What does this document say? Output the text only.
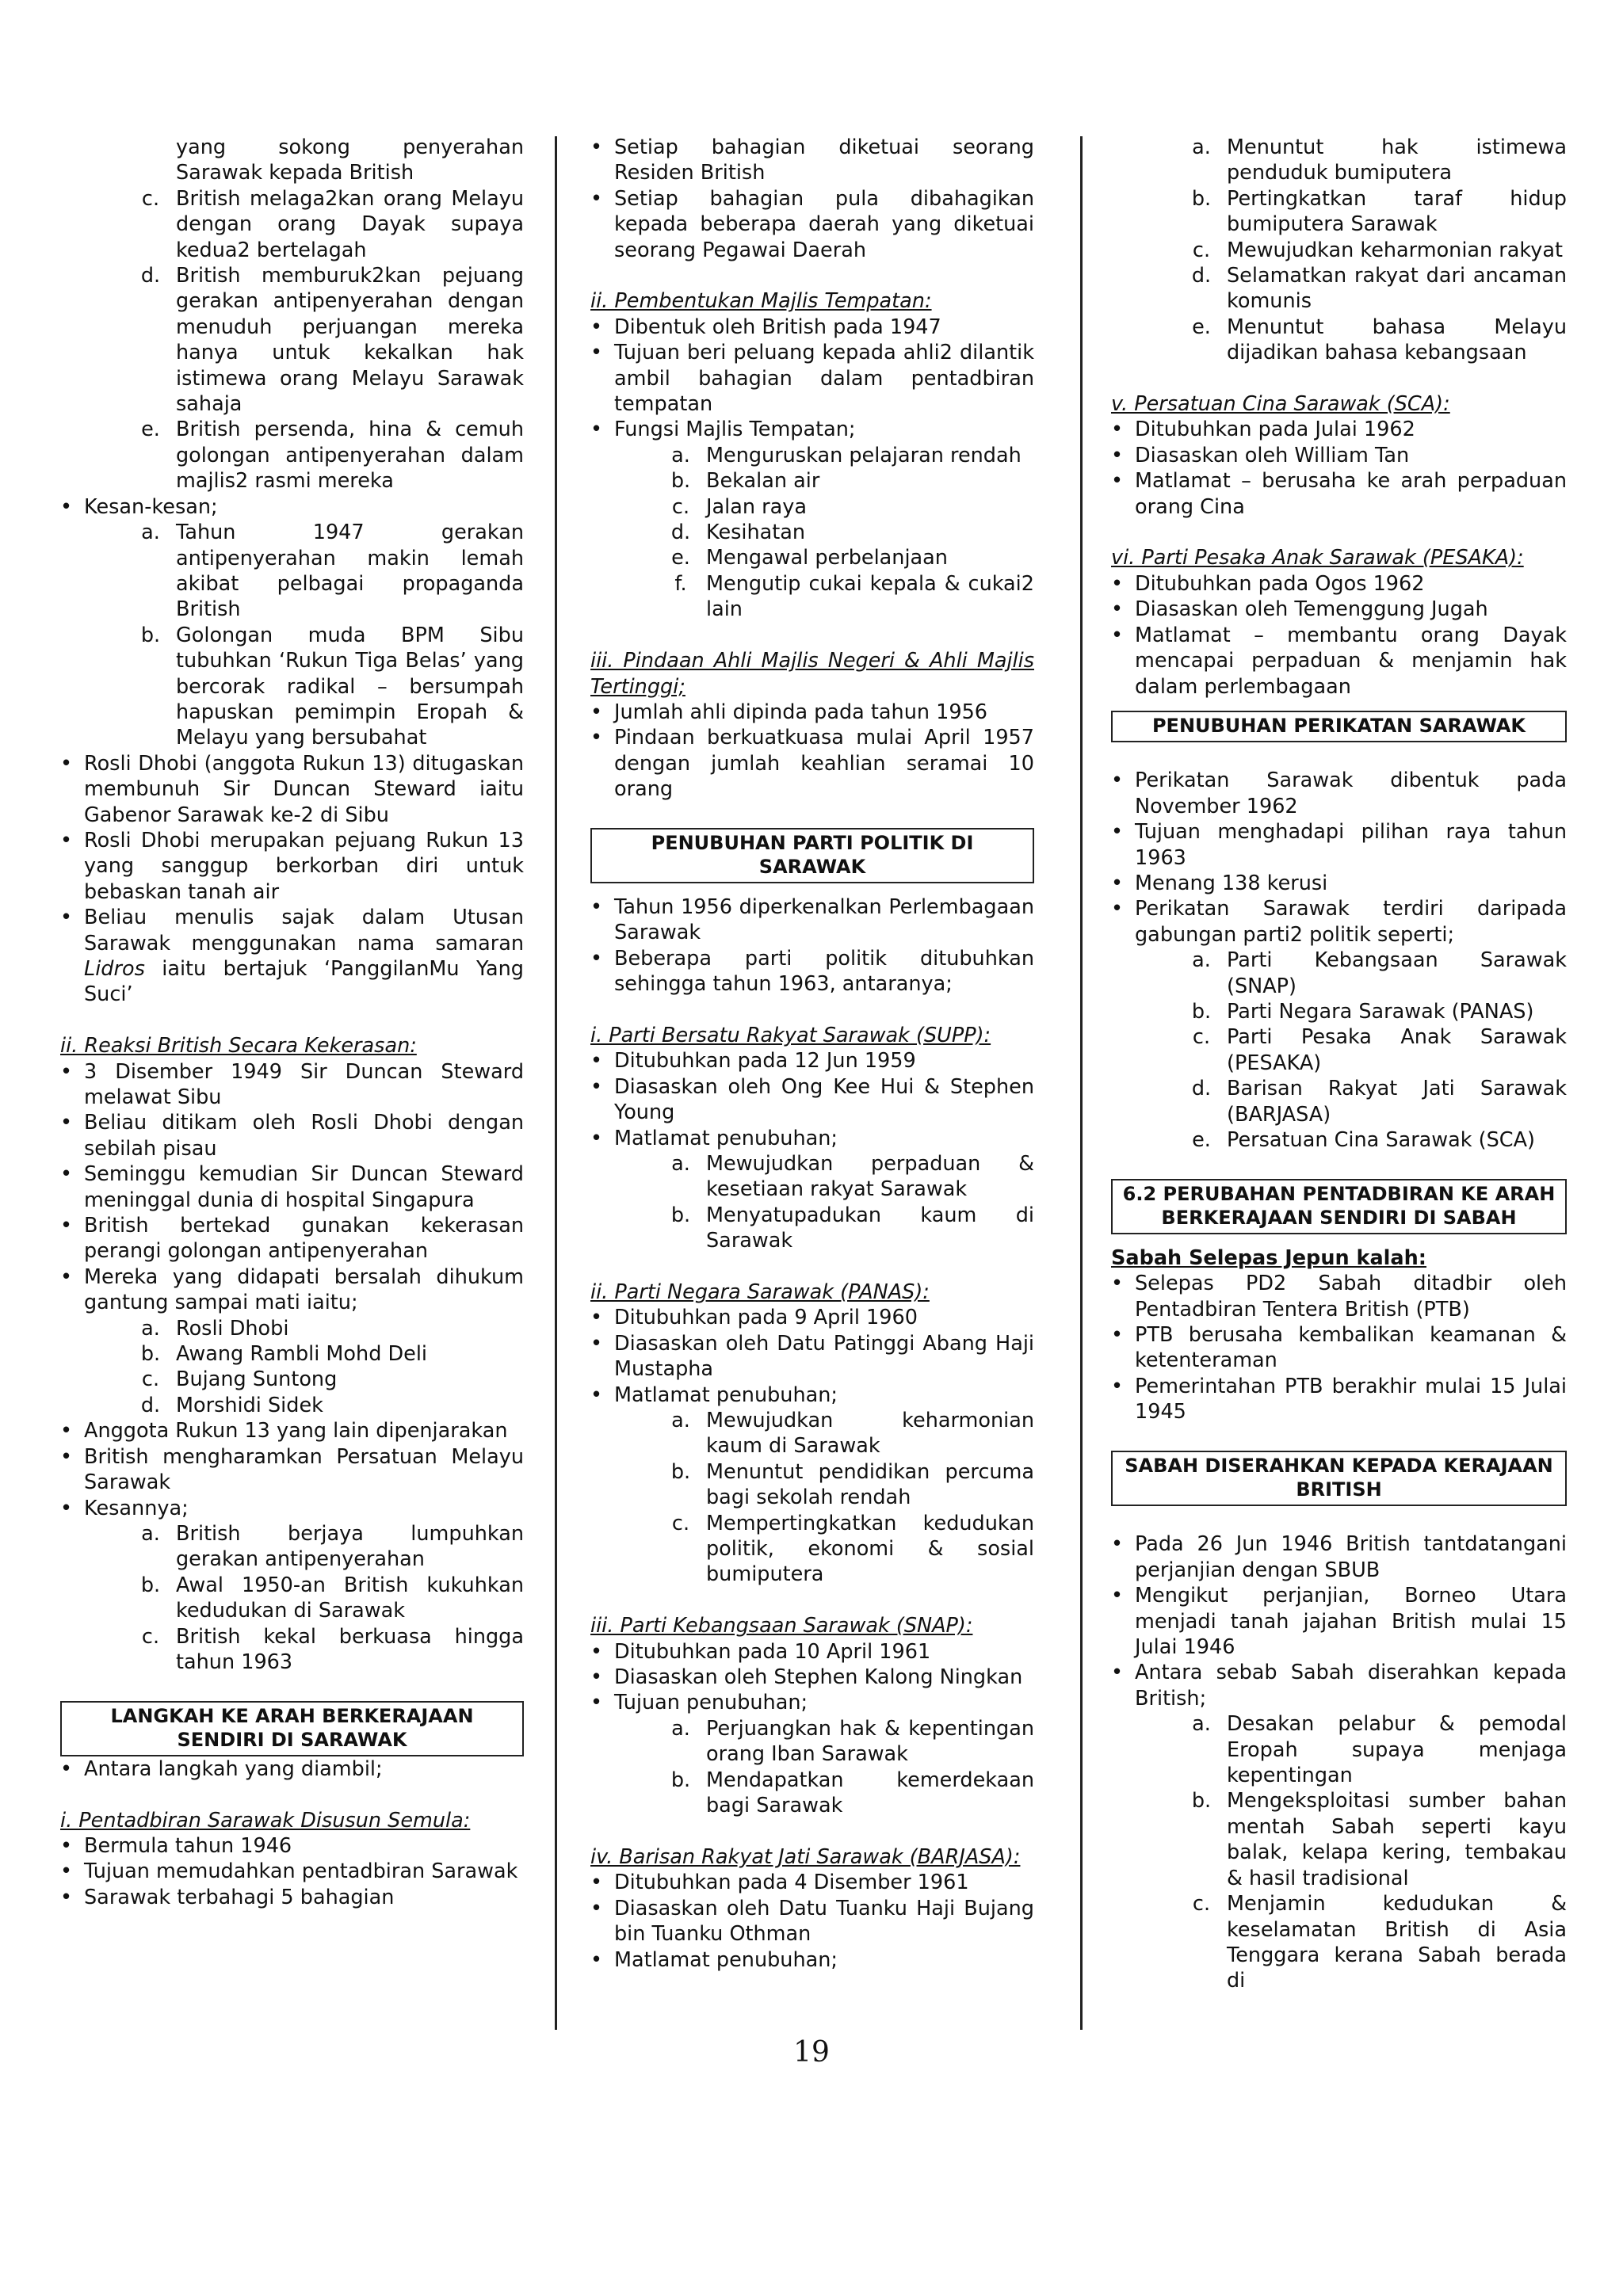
yang sokong penyerahan Sarawak kepada British
c. British melaga2kan orang Melayu dengan orang Dayak supaya kedua2 bertelagah
d. British memburuk2kan pejuang gerakan antipenyerahan dengan menuduh perjuangan mereka hanya untuk kekalkan hak istimewa orang Melayu Sarawak sahaja
e. British persenda, hina & cemuh golongan antipenyerahan dalam majlis2 rasmi mereka
• Kesan-kesan;
a. Tahun 1947 gerakan antipenyerahan makin lemah akibat pelbagai propaganda British
b. Golongan muda BPM Sibu tubuhkan ‘Rukun Tiga Belas’ yang bercorak radikal – bersumpah hapuskan pemimpin Eropah & Melayu yang bersubahat
• Rosli Dhobi (anggota Rukun 13) ditugaskan membunuh Sir Duncan Steward iaitu Gabenor Sarawak ke-2 di Sibu
• Rosli Dhobi merupakan pejuang Rukun 13 yang sanggup berkorban diri untuk bebaskan tanah air
• Beliau menulis sajak dalam Utusan Sarawak menggunakan nama samaran Lidros iaitu bertajuk ‘PanggilanMu Yang Suci’
ii. Reaksi British Secara Kekerasan:
• 3 Disember 1949 Sir Duncan Steward melawat Sibu
• Beliau ditikam oleh Rosli Dhobi dengan sebilah pisau
• Seminggu kemudian Sir Duncan Steward meninggal dunia di hospital Singapura
• British bertekad gunakan kekerasan perangi golongan antipenyerahan
• Mereka yang didapati bersalah dihukum gantung sampai mati iaitu;
a. Rosli Dhobi
b. Awang Rambli Mohd Deli
c. Bujang Suntong
d. Morshidi Sidek
• Anggota Rukun 13 yang lain dipenjarakan
• British mengharamkan Persatuan Melayu Sarawak
• Kesannya;
a. British berjaya lumpuhkan gerakan antipenyerahan
b. Awal 1950-an British kukuhkan kedudukan di Sarawak
c. British kekal berkuasa hingga tahun 1963
LANGKAH KE ARAH BERKERAJAAN SENDIRI DI SARAWAK
• Antara langkah yang diambil;
i. Pentadbiran Sarawak Disusun Semula:
• Bermula tahun 1946
• Tujuan memudahkan pentadbiran Sarawak
• Sarawak terbahagi 5 bahagian
• Setiap bahagian diketuai seorang Residen British
• Setiap bahagian pula dibahagikan kepada beberapa daerah yang diketuai seorang Pegawai Daerah
ii. Pembentukan Majlis Tempatan:
• Dibentuk oleh British pada 1947
• Tujuan beri peluang kepada ahli2 dilantik ambil bahagian dalam pentadbiran tempatan
• Fungsi Majlis Tempatan;
a. Menguruskan pelajaran rendah
b. Bekalan air
c. Jalan raya
d. Kesihatan
e. Mengawal perbelanjaan
f. Mengutip cukai kepala & cukai2 lain
iii. Pindaan Ahli Majlis Negeri & Ahli Majlis Tertinggi;
• Jumlah ahli dipinda pada tahun 1956
• Pindaan berkuatkuasa mulai April 1957 dengan jumlah keahlian seramai 10 orang
PENUBUHAN PARTI POLITIK DI SARAWAK
• Tahun 1956 diperkenalkan Perlembagaan Sarawak
• Beberapa parti politik ditubuhkan sehingga tahun 1963, antaranya;
i. Parti Bersatu Rakyat Sarawak (SUPP):
• Ditubuhkan pada 12 Jun 1959
• Diasaskan oleh Ong Kee Hui & Stephen Young
• Matlamat penubuhan;
a. Mewujudkan perpaduan & kesetiaan rakyat Sarawak
b. Menyatupadukan kaum di Sarawak
ii. Parti Negara Sarawak (PANAS):
• Ditubuhkan pada 9 April 1960
• Diasaskan oleh Datu Patinggi Abang Haji Mustapha
• Matlamat penubuhan;
a. Mewujudkan keharmonian kaum di Sarawak
b. Menuntut pendidikan percuma bagi sekolah rendah
c. Mempertingkatkan kedudukan politik, ekonomi & sosial bumiputera
iii. Parti Kebangsaan Sarawak (SNAP):
• Ditubuhkan pada 10 April 1961
• Diasaskan oleh Stephen Kalong Ningkan
• Tujuan penubuhan;
a. Perjuangkan hak & kepentingan orang Iban Sarawak
b. Mendapatkan kemerdekaan bagi Sarawak
iv. Barisan Rakyat Jati Sarawak (BARJASA):
• Ditubuhkan pada 4 Disember 1961
• Diasaskan oleh Datu Tuanku Haji Bujang bin Tuanku Othman
• Matlamat penubuhan;
a. Menuntut hak istimewa penduduk bumiputera
b. Pertingkatkan taraf hidup bumiputera Sarawak
c. Mewujudkan keharmonian rakyat
d. Selamatkan rakyat dari ancaman komunis
e. Menuntut bahasa Melayu dijadikan bahasa kebangsaan
v. Persatuan Cina Sarawak (SCA):
• Ditubuhkan pada Julai 1962
• Diasaskan oleh William Tan
• Matlamat – berusaha ke arah perpaduan orang Cina
vi. Parti Pesaka Anak Sarawak (PESAKA):
• Ditubuhkan pada Ogos 1962
• Diasaskan oleh Temenggung Jugah
• Matlamat – membantu orang Dayak mencapai perpaduan & menjamin hak dalam perlembagaan
PENUBUHAN PERIKATAN SARAWAK
• Perikatan Sarawak dibentuk pada November 1962
• Tujuan menghadapi pilihan raya tahun 1963
• Menang 138 kerusi
• Perikatan Sarawak terdiri daripada gabungan parti2 politik seperti;
a. Parti Kebangsaan Sarawak (SNAP)
b. Parti Negara Sarawak (PANAS)
c. Parti Pesaka Anak Sarawak (PESAKA)
d. Barisan Rakyat Jati Sarawak (BARJASA)
e. Persatuan Cina Sarawak (SCA)
6.2 PERUBAHAN PENTADBIRAN KE ARAH BERKERAJAAN SENDIRI DI SABAH
Sabah Selepas Jepun kalah:
• Selepas PD2 Sabah ditadbir oleh Pentadbiran Tentera British (PTB)
• PTB berusaha kembalikan keamanan & ketenteraman
• Pemerintahan PTB berakhir mulai 15 Julai 1945
SABAH DISERAHKAN KEPADA KERAJAAN BRITISH
• Pada 26 Jun 1946 British tantdatangani perjanjian dengan SBUB
• Mengikut perjanjian, Borneo Utara menjadi tanah jajahan British mulai 15 Julai 1946
• Antara sebab Sabah diserahkan kepada British;
a. Desakan pelabur & pemodal Eropah supaya menjaga kepentingan
b. Mengeksploitasi sumber bahan mentah Sabah seperti kayu balak, kelapa kering, tembakau & hasil tradisional
c. Menjamin kedudukan & keselamatan British di Asia Tenggara kerana Sabah berada di
19
